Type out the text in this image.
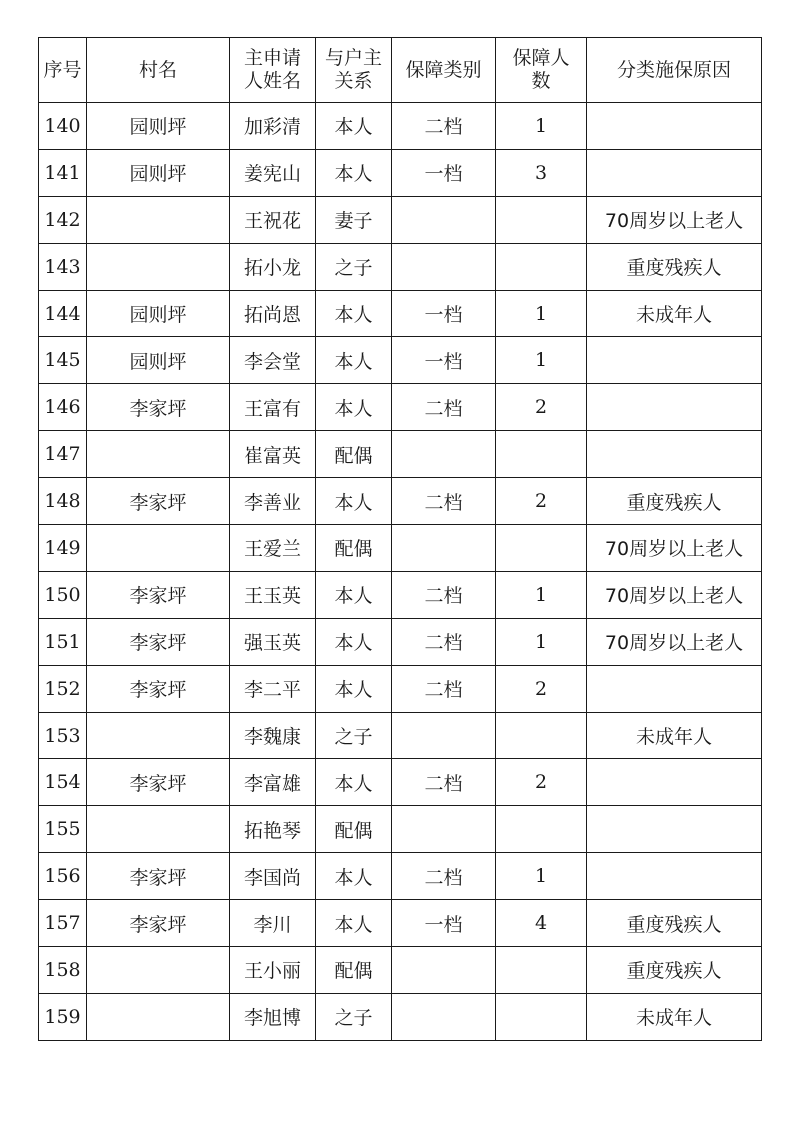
序号	村名	主申请人姓名	与户主关系	保障类别	保障人数	分类施保原因
140	园则坪	加彩清	本人	二档	1	
141	园则坪	姜宪山	本人	一档	3	
142		王祝花	妻子			70周岁以上老人
143		拓小龙	之子			重度残疾人
144	园则坪	拓尚恩	本人	一档	1	未成年人
145	园则坪	李会堂	本人	一档	1	
146	李家坪	王富有	本人	二档	2	
147		崔富英	配偶			
148	李家坪	李善业	本人	二档	2	重度残疾人
149		王爱兰	配偶			70周岁以上老人
150	李家坪	王玉英	本人	二档	1	70周岁以上老人
151	李家坪	强玉英	本人	二档	1	70周岁以上老人
152	李家坪	李二平	本人	二档	2	
153		李魏康	之子			未成年人
154	李家坪	李富雄	本人	二档	2	
155		拓艳琴	配偶			
156	李家坪	李国尚	本人	二档	1	
157	李家坪	李川	本人	一档	4	重度残疾人
158		王小丽	配偶			重度残疾人
159		李旭博	之子			未成年人
